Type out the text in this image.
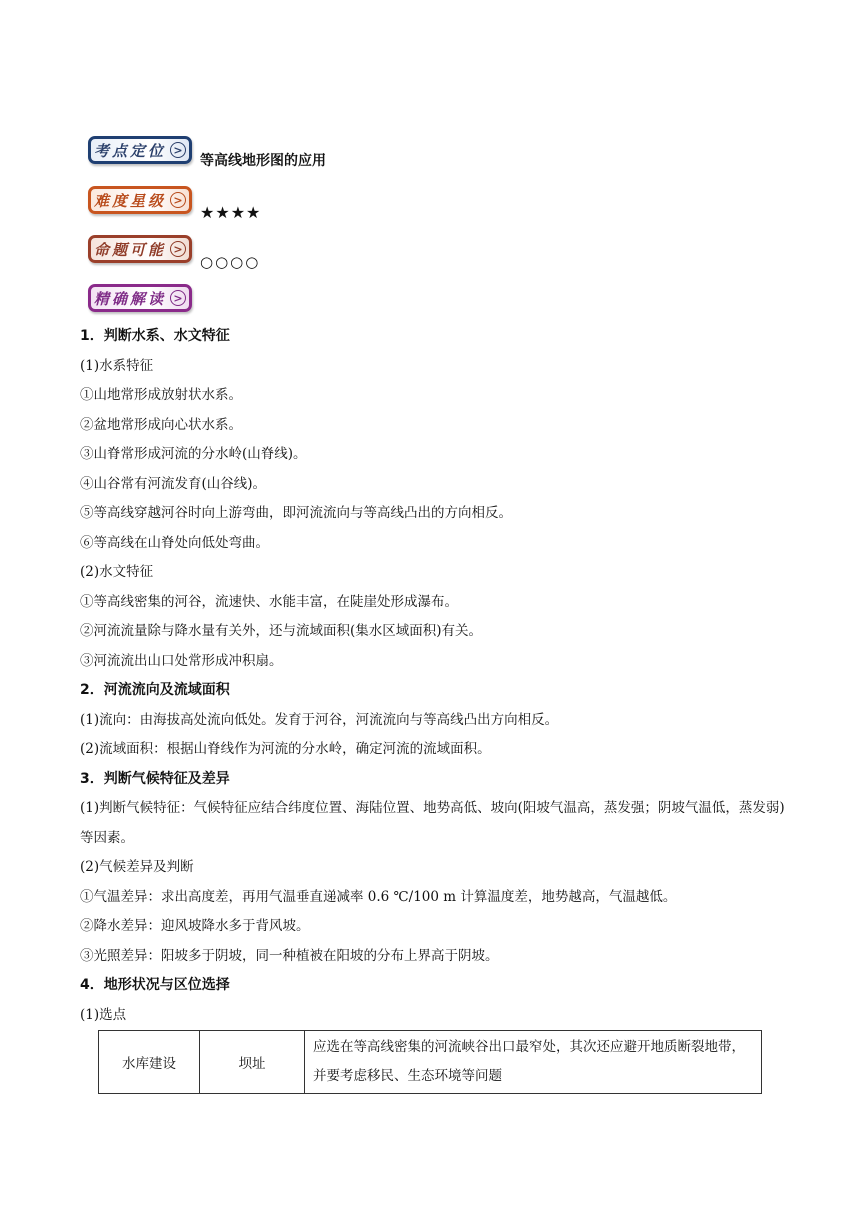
考点定位 >
等高线地形图的应用
难度星级 >
★★★★
命题可能 >
○○○○
精确解读 >
1．判断水系、水文特征
(1)水系特征
①山地常形成放射状水系。
②盆地常形成向心状水系。
③山脊常形成河流的分水岭(山脊线)。
④山谷常有河流发育(山谷线)。
⑤等高线穿越河谷时向上游弯曲，即河流流向与等高线凸出的方向相反。
⑥等高线在山脊处向低处弯曲。
(2)水文特征
①等高线密集的河谷，流速快、水能丰富，在陡崖处形成瀑布。
②河流流量除与降水量有关外，还与流域面积(集水区域面积)有关。
③河流流出山口处常形成冲积扇。
2．河流流向及流域面积
(1)流向：由海拔高处流向低处。发育于河谷，河流流向与等高线凸出方向相反。
(2)流域面积：根据山脊线作为河流的分水岭，确定河流的流域面积。
3．判断气候特征及差异
(1)判断气候特征：气候特征应结合纬度位置、海陆位置、地势高低、坡向(阳坡气温高，蒸发强；阴坡气温低，蒸发弱)等因素。
(2)气候差异及判断
①气温差异：求出高度差，再用气温垂直递减率 0.6 ℃/100 m 计算温度差，地势越高，气温越低。
②降水差异：迎风坡降水多于背风坡。
③光照差异：阳坡多于阴坡，同一种植被在阳坡的分布上界高于阴坡。
4．地形状况与区位选择
(1)选点
水库建设	坝址	应选在等高线密集的河流峡谷出口最窄处，其次还应避开地质断裂地带，并要考虑移民、生态环境等问题
